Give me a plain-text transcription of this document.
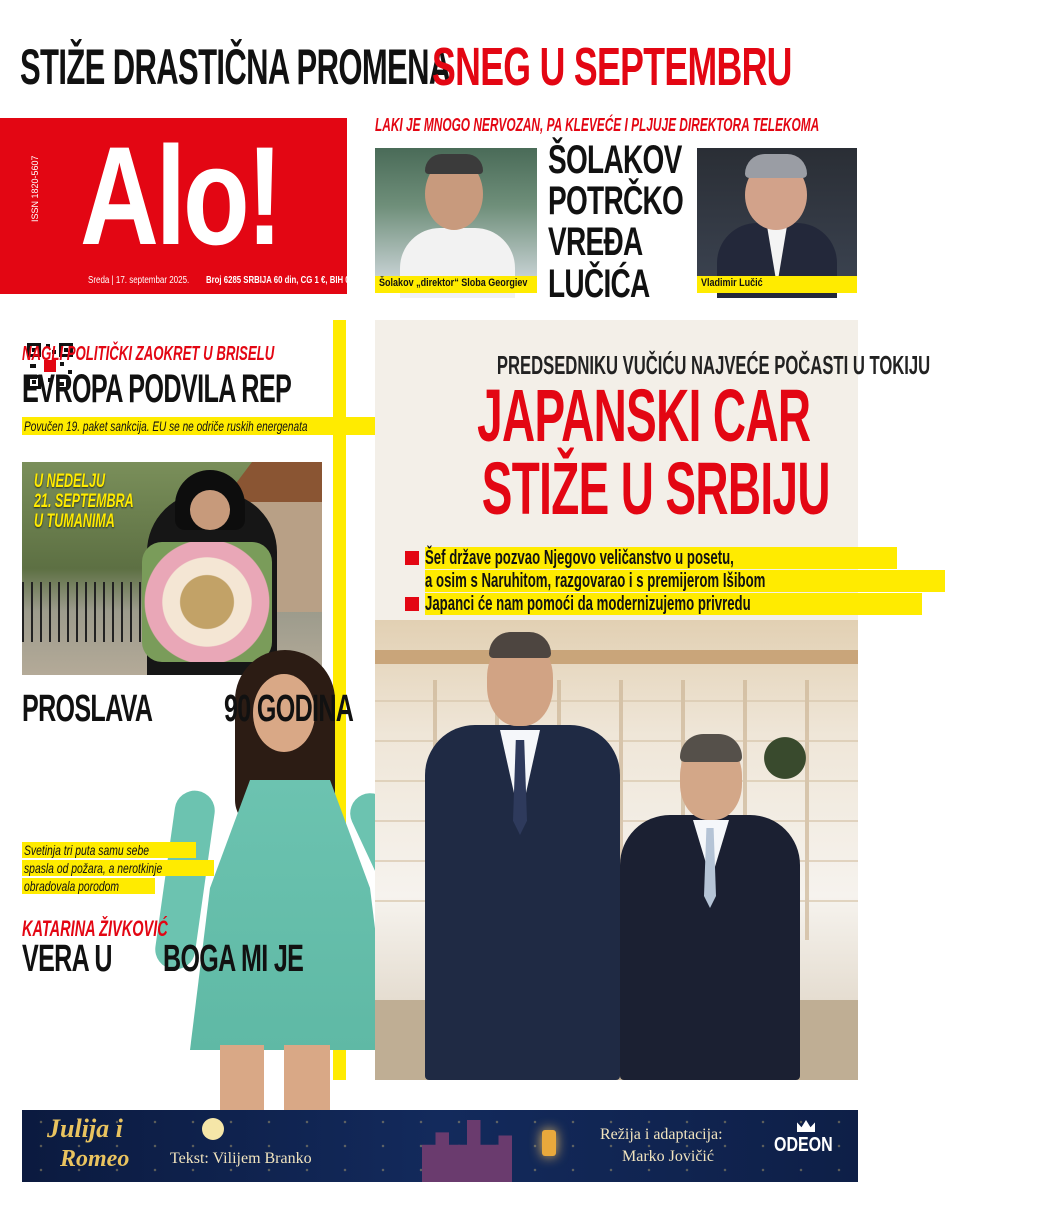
STIŽE DRASTIČNA PROMENA
SNEG U SEPTEMBRU
ISSN 1820-5607 Alo!
Sreda | 17. septembar 2025. Broj 6285 SRBIJA 60 din, CG 1 €, BIH 0,50 KM
LAKI JE MNOGO NERVOZAN, PA KLEVEĆE I PLJUJE DIREKTORA TELEKOMA
Šolakov „direktor“ Sloba Georgiev
ŠOLAKOV POTRČKO VREĐA LUČIĆA	Vladimir Lučić
NAGLI POLITIČKI ZAOKRET U BRISELU
EVROPA PODVILA REP
Povučen 19. paket sankcija. EU se ne odriče ruskih energenata
U NEDELJU
21. SEPTEMBRA
U TUMANIMA
PROSLAVA 90 GODINA
Svetinja tri puta samu sebe
spasla od požara, a nerotkinje
obradovala porodom
KATARINA ŽIVKOVIĆ
VERA U BOGA MI JE
PREDSEDNIKU VUČIĆU NAJVEĆE POČASTI U TOKIJU
JAPANSKI CAR
STIŽE U SRBIJU
Šef države pozvao Njegovo veličanstvo u posetu,
a osim s Naruhitom, razgovarao i s premijerom Išibom
Japanci će nam pomoći da modernizujemo privredu
Julija i
Romeo	Tekst: Vilijem Branko
Režija i adaptacija:
Marko Jovičić
ODEON
